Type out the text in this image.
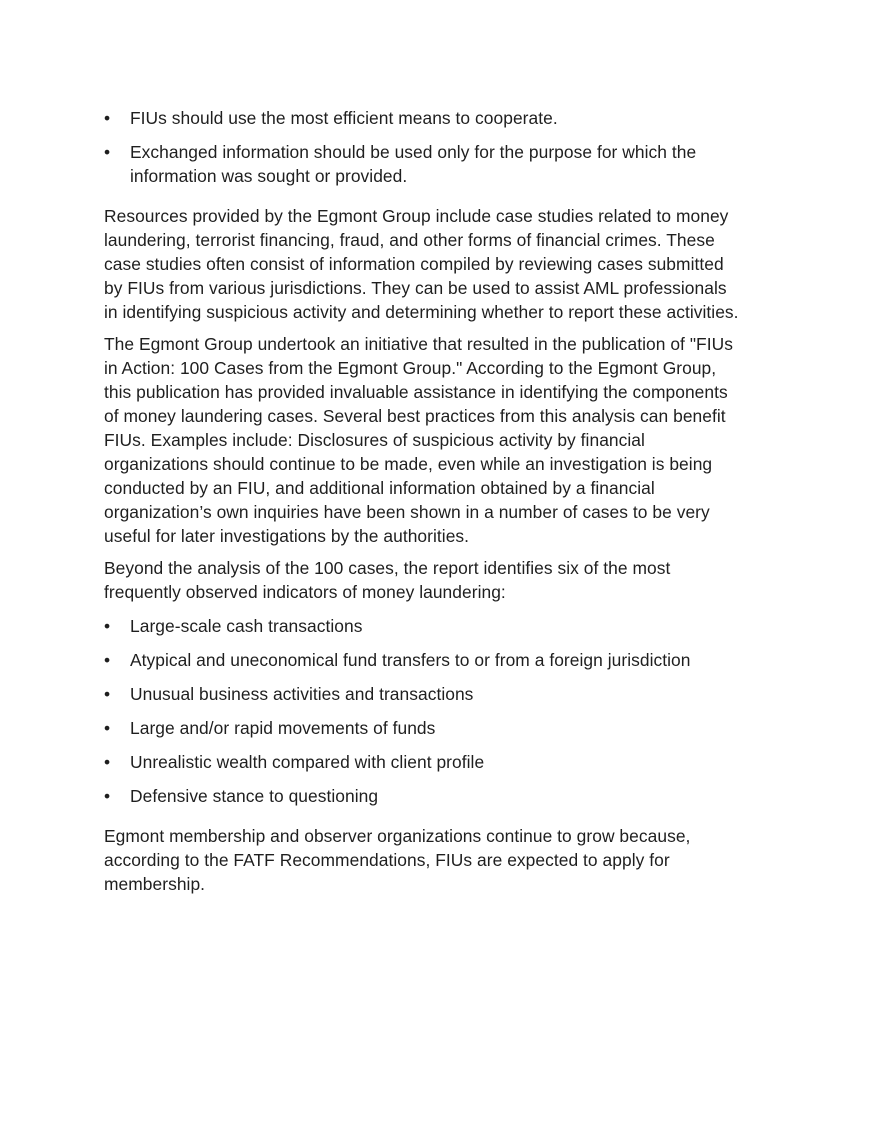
• FIUs should use the most efficient means to cooperate.
• Exchanged information should be used only for the purpose for which the information was sought or provided.

Resources provided by the Egmont Group include case studies related to money laundering, terrorist financing, fraud, and other forms of financial crimes. These case studies often consist of information compiled by reviewing cases submitted by FIUs from various jurisdictions. They can be used to assist AML professionals in identifying suspicious activity and determining whether to report these activities.

The Egmont Group undertook an initiative that resulted in the publication of "FIUs in Action: 100 Cases from the Egmont Group." According to the Egmont Group, this publication has provided invaluable assistance in identifying the components of money laundering cases. Several best practices from this analysis can benefit FIUs. Examples include: Disclosures of suspicious activity by financial organizations should continue to be made, even while an investigation is being conducted by an FIU, and additional information obtained by a financial organization’s own inquiries have been shown in a number of cases to be very useful for later investigations by the authorities.

Beyond the analysis of the 100 cases, the report identifies six of the most frequently observed indicators of money laundering:

• Large-scale cash transactions
• Atypical and uneconomical fund transfers to or from a foreign jurisdiction
• Unusual business activities and transactions
• Large and/or rapid movements of funds
• Unrealistic wealth compared with client profile
• Defensive stance to questioning

Egmont membership and observer organizations continue to grow because, according to the FATF Recommendations, FIUs are expected to apply for membership.
